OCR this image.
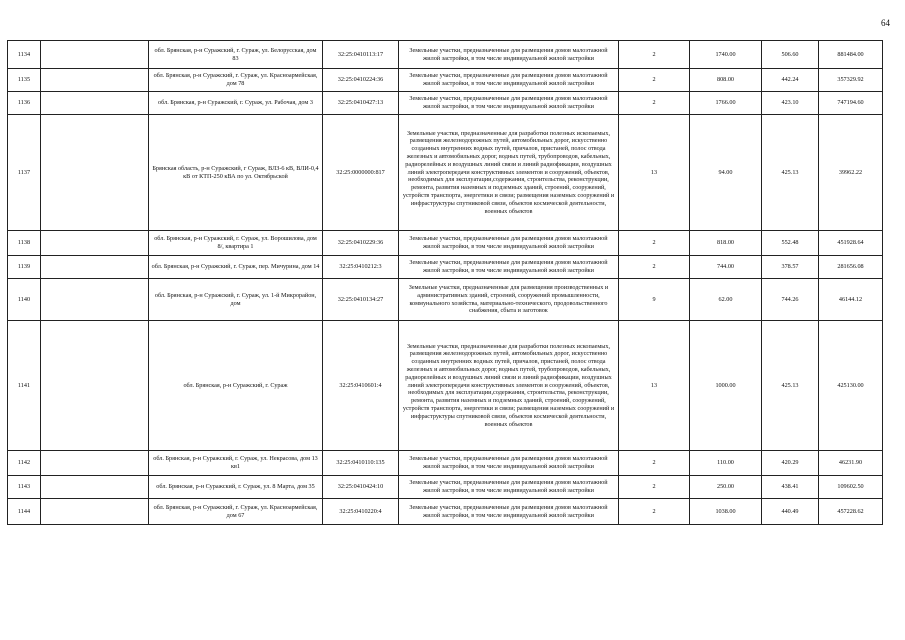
64
1134		обл. Брянская, р-н Суражский, г. Сураж, ул. Белорусская, дом 83	32:25:0410113:17	Земельные участки, предназначенные для размещения домов малоэтажной жилой застройки, в том числе индивидуальной жилой застройки	2	1740.00	506.60	881484.00
1135		обл. Брянская, р-н Суражский, г. Сураж, ул. Красноармейская, дом 78	32:25:0410224:36	Земельные участки, предназначенные для размещения домов малоэтажной жилой застройки, в том числе индивидуальной жилой застройки	2	808.00	442.24	357329.92
1136		обл. Брянская, р-н Суражский, г. Сураж, ул. Рабочая, дом 3	32:25:0410427:13	Земельные участки, предназначенные для размещения домов малоэтажной жилой застройки, в том числе индивидуальной жилой застройки	2	1766.00	423.10	747194.60
1137		Брянская область, р-н Суражский, г Сураж, ВЛЗ-6 кВ, ВЛИ-0,4 кВ от КТП-250 кВА по ул. Октябрьской	32:25:0000000:817	Земельные участки, предназначенные для разработки полезных ископаемых, размещения железнодорожных путей, автомобильных дорог, искусственно созданных внутренних водных путей, причалов, пристаней, полос отвода железных и автомобильных дорог, водных путей, трубопроводов, кабельных, радиорелейных и воздушных линий связи и линий радиофикации, воздушных линий электропередачи конструктивных элементов и сооружений, объектов, необходимых для эксплуатации,содержания, строительства, реконструкции, ремонта, развития наземных и подземных зданий, строений, сооружений, устройств транспорта, энергетики и связи; размещения наземных сооружений и инфраструктуры спутниковой связи, объектов космической деятельности, военных объектов	13	94.00	425.13	39962.22
1138		обл. Брянская, р-н Суражский, г. Сураж, ул. Ворошилова, дом 8/, квартира 1	32:25:0410229:36	Земельные участки, предназначенные для размещения домов малоэтажной жилой застройки, в том числе индивидуальной жилой застройки	2	818.00	552.48	451928.64
1139		обл. Брянская, р-н Суражский, г. Сураж, пер. Мичурина, дом 14	32:25:0410212:3	Земельные участки, предназначенные для размещения домов малоэтажной жилой застройки, в том числе индивидуальной жилой застройки	2	744.00	378.57	281656.08
1140		обл. Брянская, р-н Суражский, г. Сураж, ул. 1-й Микрорайон, дом	32:25:0410134:27	Земельные участки, предназначенные для размещения производственных и административных зданий, строений, сооружений промышленности, коммунального хозяйства, материально-технического, продовольственного снабжения, сбыта и заготовок	9	62.00	744.26	46144.12
1141		обл. Брянская, р-н Суражский, г. Сураж	32:25:0410601:4	Земельные участки, предназначенные для разработки полезных ископаемых, размещения железнодорожных путей, автомобильных дорог, искусственно созданных внутренних водных путей, причалов, пристаней, полос отвода железных и автомобильных дорог, водных путей, трубопроводов, кабельных, радиорелейных и воздушных линий связи и линий радиофикации, воздушных линий электропередачи конструктивных элементов и сооружений, объектов, необходимых для эксплуатации,содержания, строительства, реконструкции, ремонта, развития наземных и подземных зданий, строений, сооружений, устройств транспорта, энергетики и связи; размещения наземных сооружений и инфраструктуры спутниковой связи, объектов космической деятельности, военных объектов	13	1000.00	425.13	425130.00
1142		обл. Брянская, р-н Суражский, г. Сураж, ул. Некрасова, дом 13 кв1	32:25:0410110:135	Земельные участки, предназначенные для размещения домов малоэтажной жилой застройки, в том числе индивидуальной жилой застройки	2	110.00	420.29	46231.90
1143		обл. Брянская, р-н Суражский, г. Сураж, ул. 8 Марта, дом 35	32:25:0410424:10	Земельные участки, предназначенные для размещения домов малоэтажной жилой застройки, в том числе индивидуальной жилой застройки	2	250.00	438.41	109602.50
1144		обл. Брянская, р-н Суражский, г. Сураж, ул. Красноармейская, дом 67	32:25:0410220:4	Земельные участки, предназначенные для размещения домов малоэтажной жилой застройки, в том числе индивидуальной жилой застройки	2	1038.00	440.49	457228.62
